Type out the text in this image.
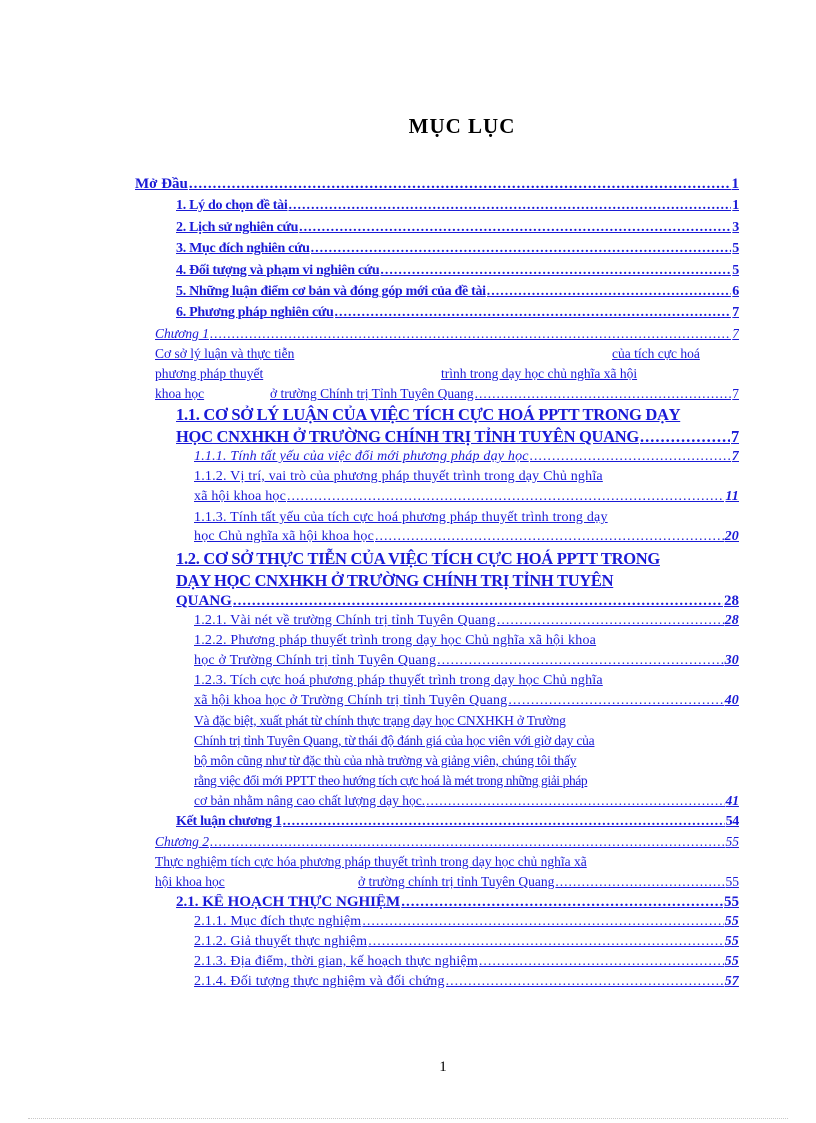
MỤC LỤC
Mở Đầu .....	1
1. Lý do chọn đề tài .....	1
2. Lịch sử nghiên cứu .....	3
3. Mục đích nghiên cứu .....	5
4. Đối tượng và phạm vi nghiên cứu .....	5
5. Những luận điểm cơ bản và đóng góp mới của đề tài .....	6
6. Phương pháp nghiên cứu .....	7
Chương 1 .....	7
Cơ sở lý luận và thực tiễn	của tích cực hoá
phương pháp thuyết	trình trong dạy học chủ nghĩa xã hội
khoa học	ở trường Chính trị Tỉnh Tuyên Quang .....	7
1.1. CƠ SỞ LÝ LUẬN CỦA VIỆC TÍCH CỰC HOÁ PPTT TRONG DẠY
HỌC CNXHKH Ở TRƯỜNG CHÍNH TRỊ TỈNH TUYÊN QUANG .....	7
1.1.1. Tính tất yếu của việc đổi mới phương pháp dạy học .....	7
1.1.2. Vị trí, vai trò của phương pháp thuyết trình trong dạy Chủ nghĩa
xã hội khoa học .....	11
1.1.3. Tính tất yếu của tích cực hoá phương pháp thuyết trình trong dạy
học Chủ nghĩa xã hội khoa học .....	20
1.2. CƠ SỞ THỰC TIỄN CỦA VIỆC TÍCH CỰC HOÁ PPTT TRONG
DẠY HỌC CNXHKH Ở TRƯỜNG CHÍNH TRỊ TỈNH TUYÊN
QUANG .....	28
1.2.1. Vài nét về trường Chính trị tỉnh Tuyên Quang .....	28
1.2.2. Phương pháp thuyết trình trong dạy học Chủ nghĩa xã hội khoa
học ở Trường Chính trị tỉnh Tuyên Quang .....	30
1.2.3. Tích cực hoá phương pháp thuyết trình trong dạy học Chủ nghĩa
xã hội khoa học ở Trường Chính trị tỉnh Tuyên Quang .....	40
Và đặc biệt, xuất phát từ chính thực trạng dạy học CNXHKH ở Trường
Chính trị tỉnh Tuyên Quang, từ thái độ đánh giá của học viên với giờ dạy của
bộ môn cũng như từ đặc thù của nhà trường và giảng viên, chúng tôi thấy
rằng việc đổi mới PPTT theo hướng tích cực hoá là mét trong những giải pháp
cơ bản nhằm nâng cao chất lượng dạy học. .....	41
Kết luận chương 1 .....	54
Chương 2 .....	55
Thực nghiệm tích cực hóa phương pháp thuyết trình trong dạy học chủ nghĩa xã
hội khoa học	ở trường chính trị tỉnh Tuyên Quang .....	55
2.1. KẾ HOẠCH THỰC NGHIỆM .....	55
2.1.1. Mục đích thực nghiệm .....	55
2.1.2. Giả thuyết thực nghiệm .....	55
2.1.3. Địa điểm, thời gian, kế hoạch thực nghiệm .....	55
2.1.4. Đối tượng thực nghiệm và đối chứng .....	57
1
